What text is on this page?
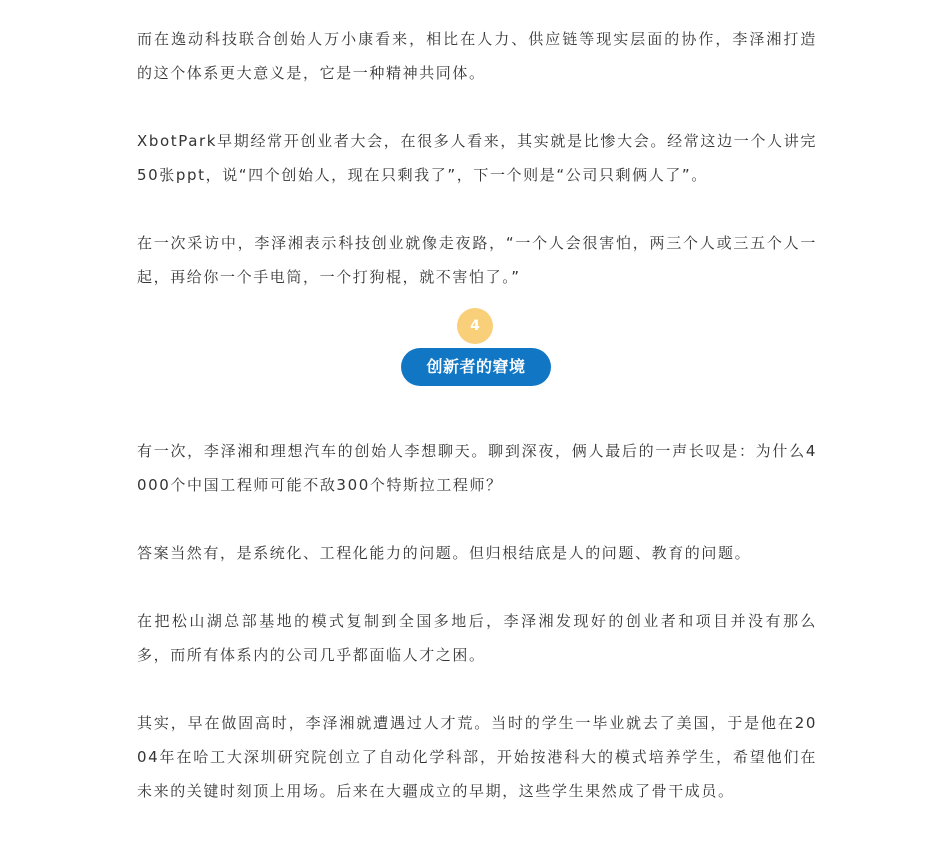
而在逸动科技联合创始人万小康看来，相比在人力、供应链等现实层面的协作，李泽湘打造的这个体系更大意义是，它是一种精神共同体。

XbotPark早期经常开创业者大会，在很多人看来，其实就是比惨大会。经常这边一个人讲完50张ppt，说“四个创始人，现在只剩我了”，下一个则是“公司只剩俩人了”。

在一次采访中，李泽湘表示科技创业就像走夜路，“一个人会很害怕，两三个人或三五个人一起，再给你一个手电筒，一个打狗棍，就不害怕了。”

4
创新者的窘境

有一次，李泽湘和理想汽车的创始人李想聊天。聊到深夜，俩人最后的一声长叹是：为什么4000个中国工程师可能不敌300个特斯拉工程师？

答案当然有，是系统化、工程化能力的问题。但归根结底是人的问题、教育的问题。

在把松山湖总部基地的模式复制到全国多地后，李泽湘发现好的创业者和项目并没有那么多，而所有体系内的公司几乎都面临人才之困。

其实，早在做固高时，李泽湘就遭遇过人才荒。当时的学生一毕业就去了美国，于是他在2004年在哈工大深圳研究院创立了自动化学科部，开始按港科大的模式培养学生，希望他们在未来的关键时刻顶上用场。后来在大疆成立的早期，这些学生果然成了骨干成员。
